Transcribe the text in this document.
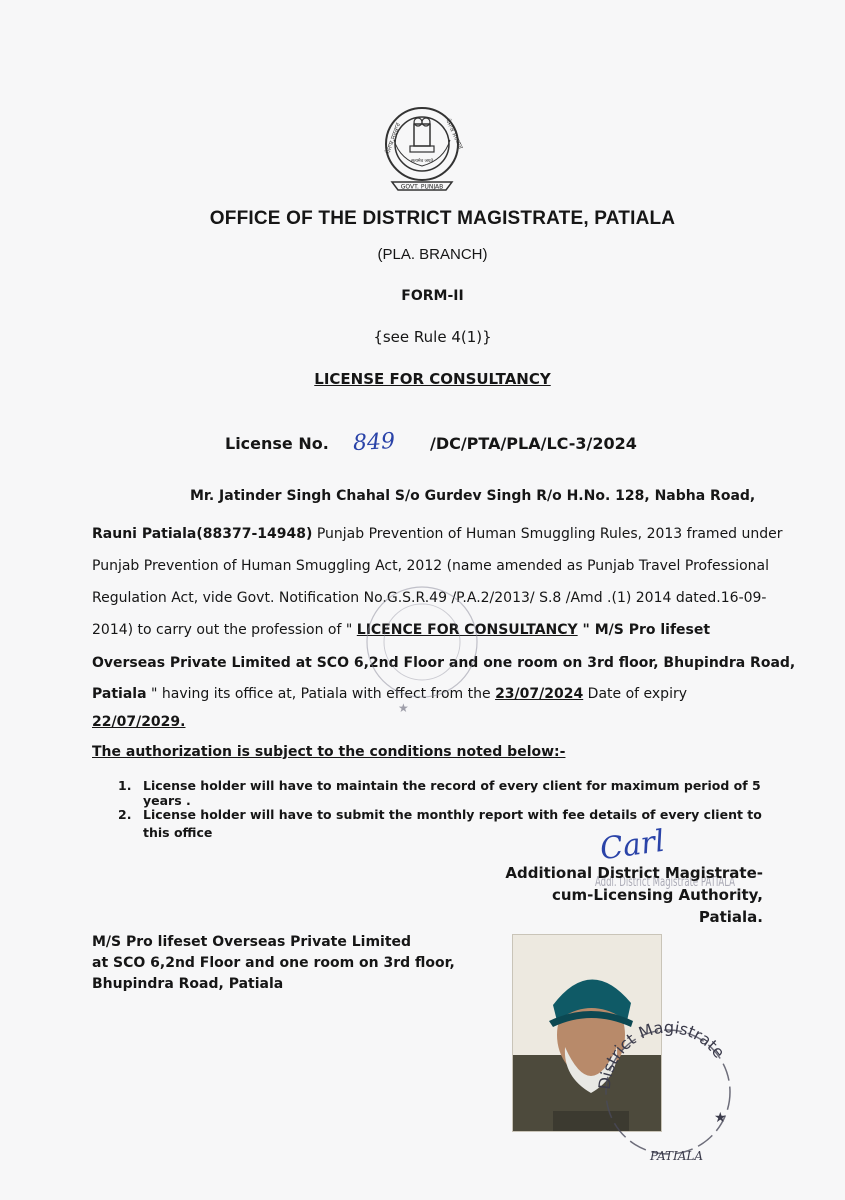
GOVT. PUNJAB
सत्यमेव जयते
ਪੰਜਾਬ ਸਰਕਾਰ	ਪੰਜਾਬ ਸਰਕਾਰ
OFFICE OF THE DISTRICT MAGISTRATE, PATIALA
(PLA. BRANCH)
FORM-II
{see Rule 4(1)}
LICENSE FOR CONSULTANCY
License No. 849 /DC/PTA/PLA/LC-3/2024
Mr. Jatinder Singh Chahal S/o Gurdev Singh R/o H.No. 128, Nabha Road,
Rauni Patiala(88377-14948) Punjab Prevention of Human Smuggling Rules, 2013 framed under
Punjab Prevention of Human Smuggling Act, 2012 (name amended as Punjab Travel Professional
Regulation Act, vide Govt. Notification No.G.S.R.49 /P.A.2/2013/ S.8 /Amd .(1) 2014 dated.16-09-
2014) to carry out the profession of " LICENCE FOR CONSULTANCY " M/S Pro lifeset
Overseas Private Limited at SCO 6,2nd Floor and one room on 3rd floor, Bhupindra Road,
Patiala " having its office at, Patiala with effect from the 23/07/2024 Date of expiry
22/07/2029.
The authorization is subject to the conditions noted below:-
1. License holder will have to maintain the record of every client for maximum period of 5 years .
2. License holder will have to submit the monthly report with fee details of every client to this office	Carl
Addl. District Magistrate PATIALA
Additional District Magistrate-
cum-Licensing Authority,
Patiala.
M/S Pro lifeset Overseas Private Limited
at SCO 6,2nd Floor and one room on 3rd floor,
Bhupindra Road, Patiala
District Magistrate
PATIALA
★
★
